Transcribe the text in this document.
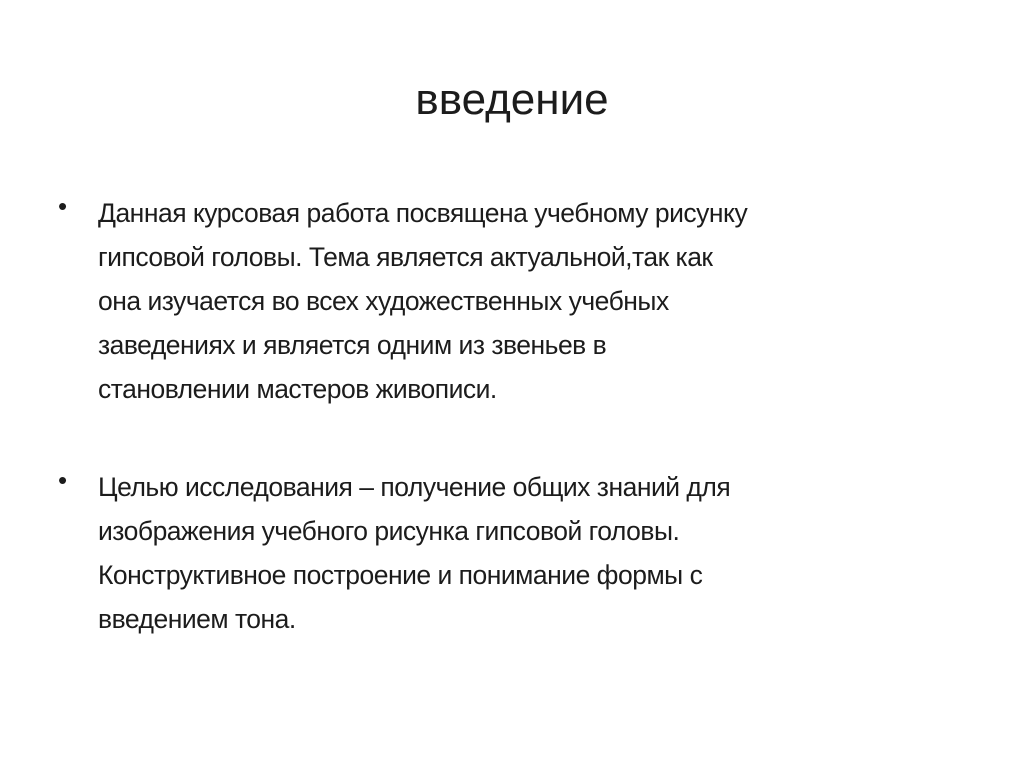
введение
• Данная курсовая работа посвящена учебному рисунку
гипсовой головы. Тема является актуальной,так как
она изучается во всех художественных учебных
заведениях и является одним из звеньев в
становлении мастеров живописи.
• Целью исследования – получение общих знаний для
изображения учебного рисунка гипсовой головы.
Конструктивное построение и понимание формы с
введением тона.
